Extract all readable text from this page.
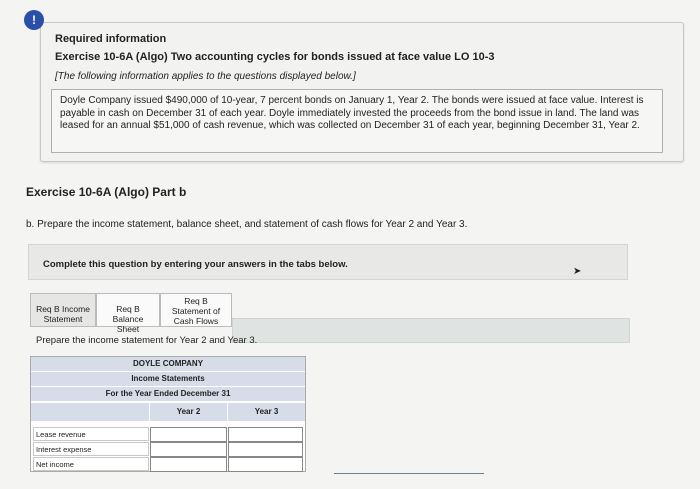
Required information
Exercise 10-6A (Algo) Two accounting cycles for bonds issued at face value LO 10-3
[The following information applies to the questions displayed below.]
Doyle Company issued $490,000 of 10-year, 7 percent bonds on January 1, Year 2. The bonds were issued at face value. Interest is payable in cash on December 31 of each year. Doyle immediately invested the proceeds from the bond issue in land. The land was leased for an annual $51,000 of cash revenue, which was collected on December 31 of each year, beginning December 31, Year 2.
!
Exercise 10-6A (Algo) Part b
b. Prepare the income statement, balance sheet, and statement of cash flows for Year 2 and Year 3.
Complete this question by entering your answers in the tabs below.
➤
Req B Income
Statement
Req B Balance
Sheet
Req B
Statement of
Cash Flows
Prepare the income statement for Year 2 and Year 3.
DOYLE COMPANY
Income Statements
For the Year Ended December 31
Year 2	Year 3
Lease revenue
Interest expense
Net income
